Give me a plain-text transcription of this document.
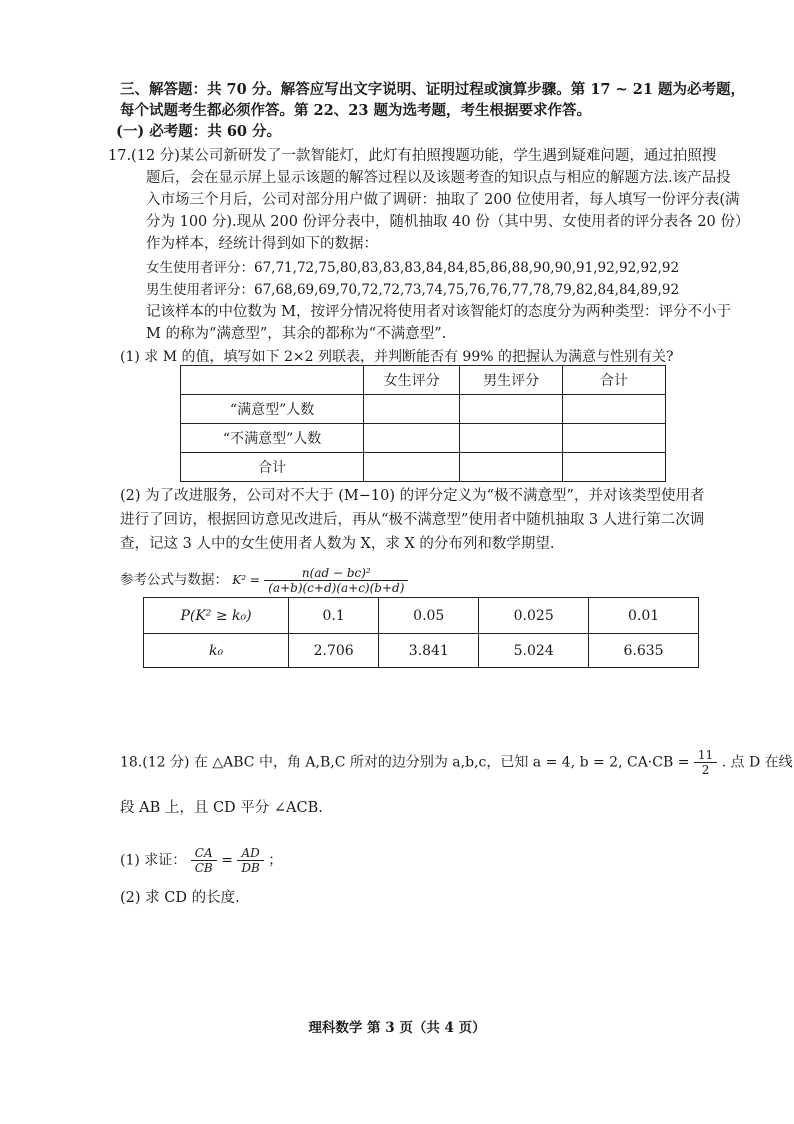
三、解答题：共 70 分。解答应写出文字说明、证明过程或演算步骤。第 17 ~ 21 题为必考题，
每个试题考生都必须作答。第 22、23 题为选考题，考生根据要求作答。
(一) 必考题：共 60 分。
17.(12 分)某公司新研发了一款智能灯，此灯有拍照搜题功能，学生遇到疑难问题，通过拍照搜
题后，会在显示屏上显示该题的解答过程以及该题考查的知识点与相应的解题方法.该产品投
入市场三个月后，公司对部分用户做了调研：抽取了 200 位使用者，每人填写一份评分表(满
分为 100 分).现从 200 份评分表中，随机抽取 40 份（其中男、女使用者的评分表各 20 份）
作为样本，经统计得到如下的数据：
女生使用者评分：67,71,72,75,80,83,83,83,84,84,85,86,88,90,90,91,92,92,92,92
男生使用者评分：67,68,69,69,70,72,72,73,74,75,76,76,77,78,79,82,84,84,89,92
记该样本的中位数为 M，按评分情况将使用者对该智能灯的态度分为两种类型：评分不小于
M 的称为“满意型”，其余的都称为“不满意型”.
(1) 求 M 的值，填写如下 2×2 列联表，并判断能否有 99% 的把握认为满意与性别有关?
	女生评分	男生评分	合计
“满意型”人数			
“不满意型”人数			
合计			
(2) 为了改进服务，公司对不大于 (M−10) 的评分定义为“极不满意型”，并对该类型使用者
进行了回访，根据回访意见改进后，再从“极不满意型”使用者中随机抽取 3 人进行第二次调
查，记这 3 人中的女生使用者人数为 X，求 X 的分布列和数学期望.
参考公式与数据： $K^2 = \frac{\text{n(ad − bc)²}}{(a+b)(c+d)(a+c)(b+d)}$
P(K² ≥ k₀)	0.1	0.05	0.025	0.01
k₀	2.706	3.841	5.024	6.635
18.(12 分) 在 △ABC 中，角 A,B,C 所对的边分别为 a,b,c，已知 a = 4, b = 2, $CA\cdot CB = \frac{11}{2}$ . 点 D 在线
段 AB 上，且 CD 平分 ∠ACB.
(1) 求证： $\frac{CA}{CB} = \frac{AD}{DB}$ ；
(2) 求 CD 的长度.
理科数学 第 3 页（共 4 页）
